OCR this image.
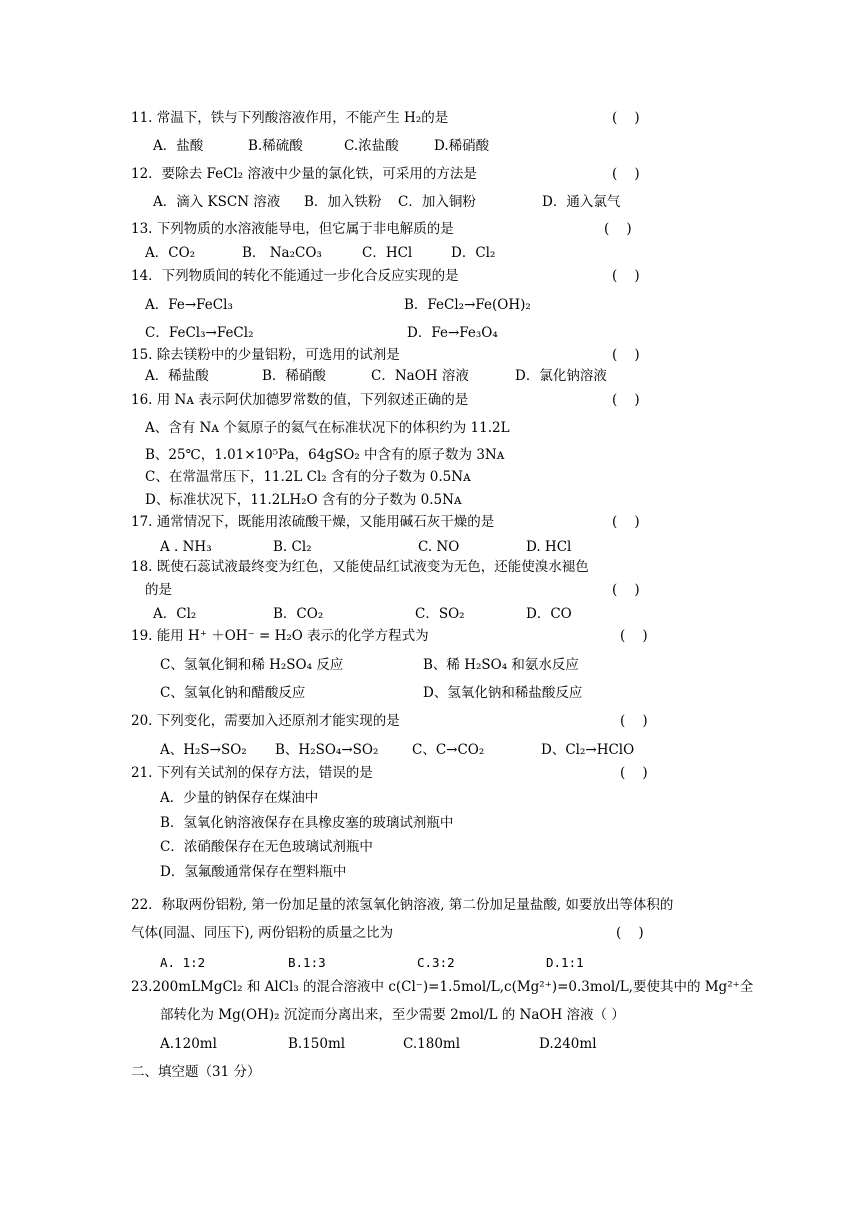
11. 常温下，铁与下列酸溶液作用，不能产生 H₂的是	(    )
A．盐酸	B.稀硫酸	C.浓盐酸	D.稀硝酸
12．要除去 FeCl₂ 溶液中少量的氯化铁，可采用的方法是	(    )
A．滴入 KSCN 溶液 B．加入铁粉 C．加入铜粉	D．通入氯气
13. 下列物质的水溶液能导电，但它属于非电解质的是	(    )
A．CO₂	B． Na₂CO₃	C．HCl	D．Cl₂
14．下列物质间的转化不能通过一步化合反应实现的是	(    )
A．Fe→FeCl₃	B．FeCl₂→Fe(OH)₂
C．FeCl₃→FeCl₂	D．Fe→Fe₃O₄
15. 除去镁粉中的少量铝粉，可选用的试剂是	(    )
A．稀盐酸	B．稀硝酸	C．NaOH 溶液	D．氯化钠溶液
16. 用 Nᴀ 表示阿伏加德罗常数的值，下列叙述正确的是	(    )
A、含有 Nᴀ 个氦原子的氦气在标准状况下的体积约为 11.2L
B、25℃，1.01×10⁵Pa，64gSO₂ 中含有的原子数为 3Nᴀ
C、在常温常压下，11.2L Cl₂ 含有的分子数为 0.5Nᴀ
D、标准状况下，11.2LH₂O 含有的分子数为 0.5Nᴀ
17. 通常情况下，既能用浓硫酸干燥，又能用碱石灰干燥的是	(    )
A . NH₃	B. Cl₂	C. NO	D. HCl
18. 既使石蕊试液最终变为红色，又能使品红试液变为无色，还能使溴水褪色
的是	(    )
A．Cl₂	B．CO₂	C．SO₂	D．CO
19. 能用 H⁺ ＋OH⁻ = H₂O 表示的化学方程式为	(    )
C、氢氧化铜和稀 H₂SO₄ 反应	B、稀 H₂SO₄ 和氨水反应
C、氢氧化钠和醋酸反应	D、氢氧化钠和稀盐酸反应
20. 下列变化，需要加入还原剂才能实现的是	(    )
A、H₂S→SO₂ B、H₂SO₄→SO₂ C、C→CO₂	D、Cl₂→HClO
21. 下列有关试剂的保存方法，错误的是	(    )
A．少量的钠保存在煤油中
B．氢氧化钠溶液保存在具橡皮塞的玻璃试剂瓶中
C．浓硝酸保存在无色玻璃试剂瓶中
D．氢氟酸通常保存在塑料瓶中
22．称取两份铝粉, 第一份加足量的浓氢氧化钠溶液, 第二份加足量盐酸, 如要放出等体积的
气体(同温、同压下), 两份铝粉的质量之比为	(    )
A. 1:2	B.1:3	C.3:2	D.1:1
23.200mLMgCl₂ 和 AlCl₃ 的混合溶液中 c(Cl⁻)=1.5mol/L,c(Mg²⁺)=0.3mol/L,要使其中的 Mg²⁺全
部转化为 Mg(OH)₂ 沉淀而分离出来，至少需要 2mol/L 的 NaOH 溶液（ ）
A.120ml	B.150ml	C.180ml	D.240ml
二、填空题（31 分）
